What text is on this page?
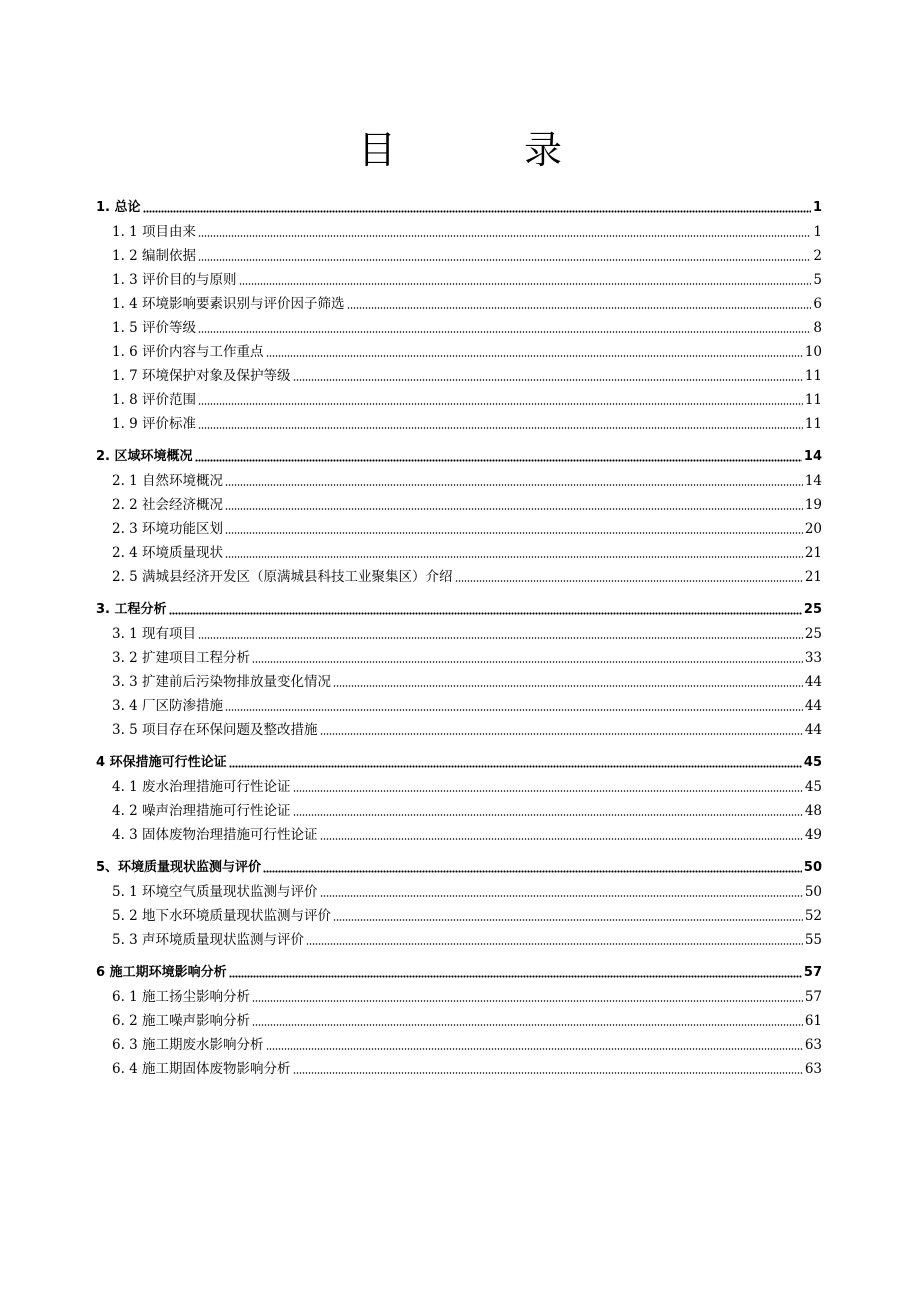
目 录
1. 总论	1
1. 1 项目由来	1
1. 2 编制依据	2
1. 3 评价目的与原则	5
1. 4 环境影响要素识别与评价因子筛选	6
1. 5 评价等级	8
1. 6 评价内容与工作重点	10
1. 7 环境保护对象及保护等级	11
1. 8 评价范围	11
1. 9 评价标准	11
2. 区域环境概况	14
2. 1 自然环境概况	14
2. 2 社会经济概况	19
2. 3 环境功能区划	20
2. 4 环境质量现状	21
2. 5 满城县经济开发区（原满城县科技工业聚集区）介绍	21
3. 工程分析	25
3. 1 现有项目	25
3. 2 扩建项目工程分析	33
3. 3 扩建前后污染物排放量变化情况	44
3. 4 厂区防渗措施	44
3. 5 项目存在环保问题及整改措施	44
4 环保措施可行性论证	45
4. 1 废水治理措施可行性论证	45
4. 2 噪声治理措施可行性论证	48
4. 3 固体废物治理措施可行性论证	49
5、环境质量现状监测与评价	50
5. 1 环境空气质量现状监测与评价	50
5. 2 地下水环境质量现状监测与评价	52
5. 3 声环境质量现状监测与评价	55
6 施工期环境影响分析	57
6. 1 施工扬尘影响分析	57
6. 2 施工噪声影响分析	61
6. 3 施工期废水影响分析	63
6. 4 施工期固体废物影响分析	63
